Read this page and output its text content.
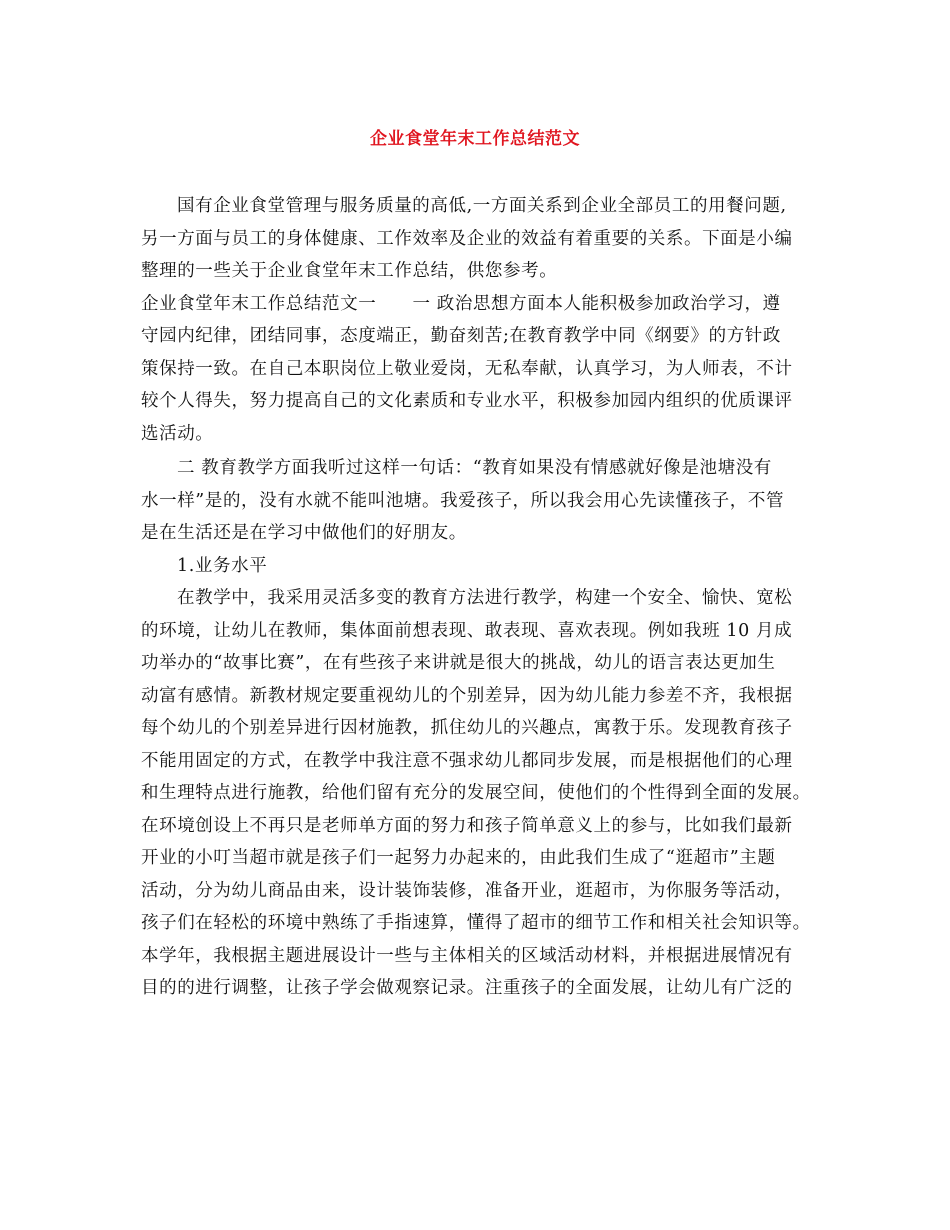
企业食堂年末工作总结范文
国有企业食堂管理与服务质量的高低,一方面关系到企业全部员工的用餐问题,
另一方面与员工的身体健康、工作效率及企业的效益有着重要的关系。下面是小编
整理的一些关于企业食堂年末工作总结，供您参考。
企业食堂年末工作总结范文一　　一 政治思想方面本人能积极参加政治学习，遵
守园内纪律，团结同事，态度端正，勤奋刻苦;在教育教学中同《纲要》的方针政
策保持一致。在自己本职岗位上敬业爱岗，无私奉献，认真学习，为人师表，不计
较个人得失，努力提高自己的文化素质和专业水平，积极参加园内组织的优质课评
选活动。
二 教育教学方面我听过这样一句话：“教育如果没有情感就好像是池塘没有
水一样”是的，没有水就不能叫池塘。我爱孩子，所以我会用心先读懂孩子，不管
是在生活还是在学习中做他们的好朋友。
1.业务水平
在教学中，我采用灵活多变的教育方法进行教学，构建一个安全、愉快、宽松
的环境，让幼儿在教师，集体面前想表现、敢表现、喜欢表现。例如我班 10 月成
功举办的“故事比赛”，在有些孩子来讲就是很大的挑战，幼儿的语言表达更加生
动富有感情。新教材规定要重视幼儿的个别差异，因为幼儿能力参差不齐，我根据
每个幼儿的个别差异进行因材施教，抓住幼儿的兴趣点，寓教于乐。发现教育孩子
不能用固定的方式，在教学中我注意不强求幼儿都同步发展，而是根据他们的心理
和生理特点进行施教，给他们留有充分的发展空间，使他们的个性得到全面的发展。
在环境创设上不再只是老师单方面的努力和孩子简单意义上的参与，比如我们最新
开业的小叮当超市就是孩子们一起努力办起来的，由此我们生成了“逛超市”主题
活动，分为幼儿商品由来，设计装饰装修，准备开业，逛超市，为你服务等活动，
孩子们在轻松的环境中熟练了手指速算，懂得了超市的细节工作和相关社会知识等。
本学年，我根据主题进展设计一些与主体相关的区域活动材料，并根据进展情况有
目的的进行调整，让孩子学会做观察记录。注重孩子的全面发展，让幼儿有广泛的
